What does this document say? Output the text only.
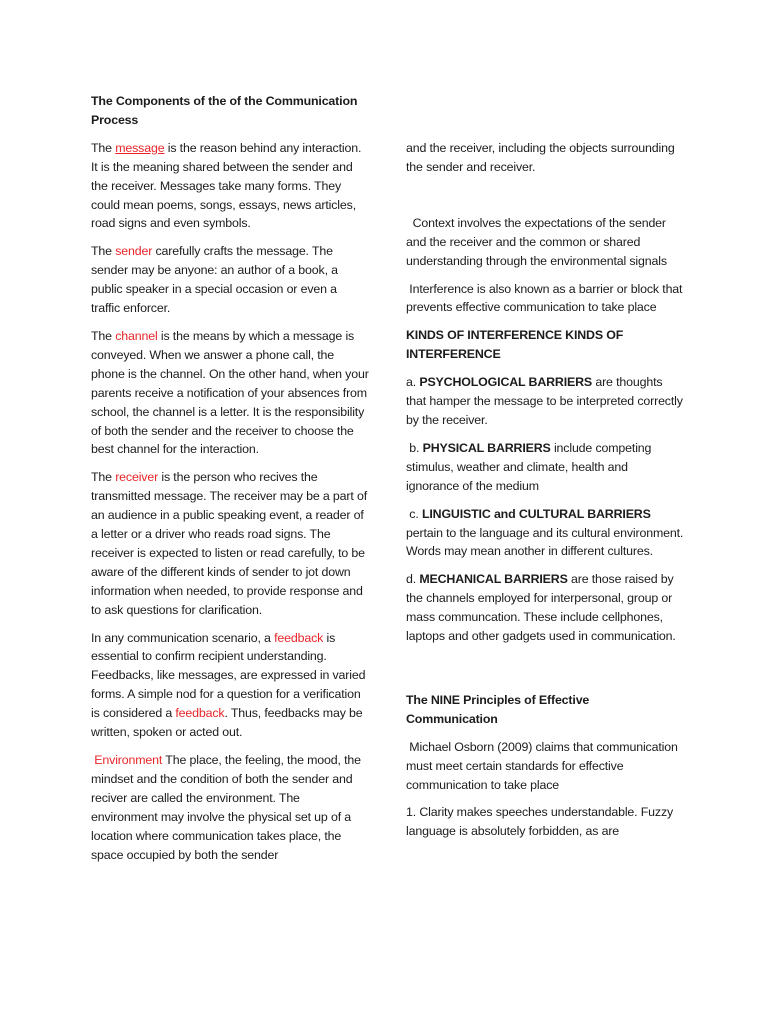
The Components of the of the Communication Process

The message is the reason behind any interaction. It is the meaning shared between the sender and the receiver. Messages take many forms. They could mean poems, songs, essays, news articles, road signs and even symbols.

The sender carefully crafts the message. The sender may be anyone: an author of a book, a public speaker in a special occasion or even a traffic enforcer.

The channel is the means by which a message is conveyed. When we answer a phone call, the phone is the channel. On the other hand, when your parents receive a notification of your absences from school, the channel is a letter. It is the responsibility of both the sender and the receiver to choose the best channel for the interaction.

The receiver is the person who recives the transmitted message. The receiver may be a part of an audience in a public speaking event, a reader of a letter or a driver who reads road signs. The receiver is expected to listen or read carefully, to be aware of the different kinds of sender to jot down information when needed, to provide response and to ask questions for clarification.

In any communication scenario, a feedback is essential to confirm recipient understanding. Feedbacks, like messages, are expressed in varied forms. A simple nod for a question for a verification is considered a feedback. Thus, feedbacks may be written, spoken or acted out.

Environment The place, the feeling, the mood, the mindset and the condition of both the sender and reciver are called the environment. The environment may involve the physical set up of a location where communication takes place, the space occupied by both the sender

and the receiver, including the objects surrounding the sender and receiver.

Context involves the expectations of the sender and the receiver and the common or shared understanding through the environmental signals

Interference is also known as a barrier or block that prevents effective communication to take place

KINDS OF INTERFERENCE KINDS OF INTERFERENCE

a. PSYCHOLOGICAL BARRIERS are thoughts that hamper the message to be interpreted correctly by the receiver.

b. PHYSICAL BARRIERS include competing stimulus, weather and climate, health and ignorance of the medium

c. LINGUISTIC and CULTURAL BARRIERS pertain to the language and its cultural environment. Words may mean another in different cultures.

d. MECHANICAL BARRIERS are those raised by the channels employed for interpersonal, group or mass communcation. These include cellphones, laptops and other gadgets used in communication.

The NINE Principles of Effective Communication

Michael Osborn (2009) claims that communication must meet certain standards for effective communication to take place

1. Clarity makes speeches understandable. Fuzzy language is absolutely forbidden, as are
